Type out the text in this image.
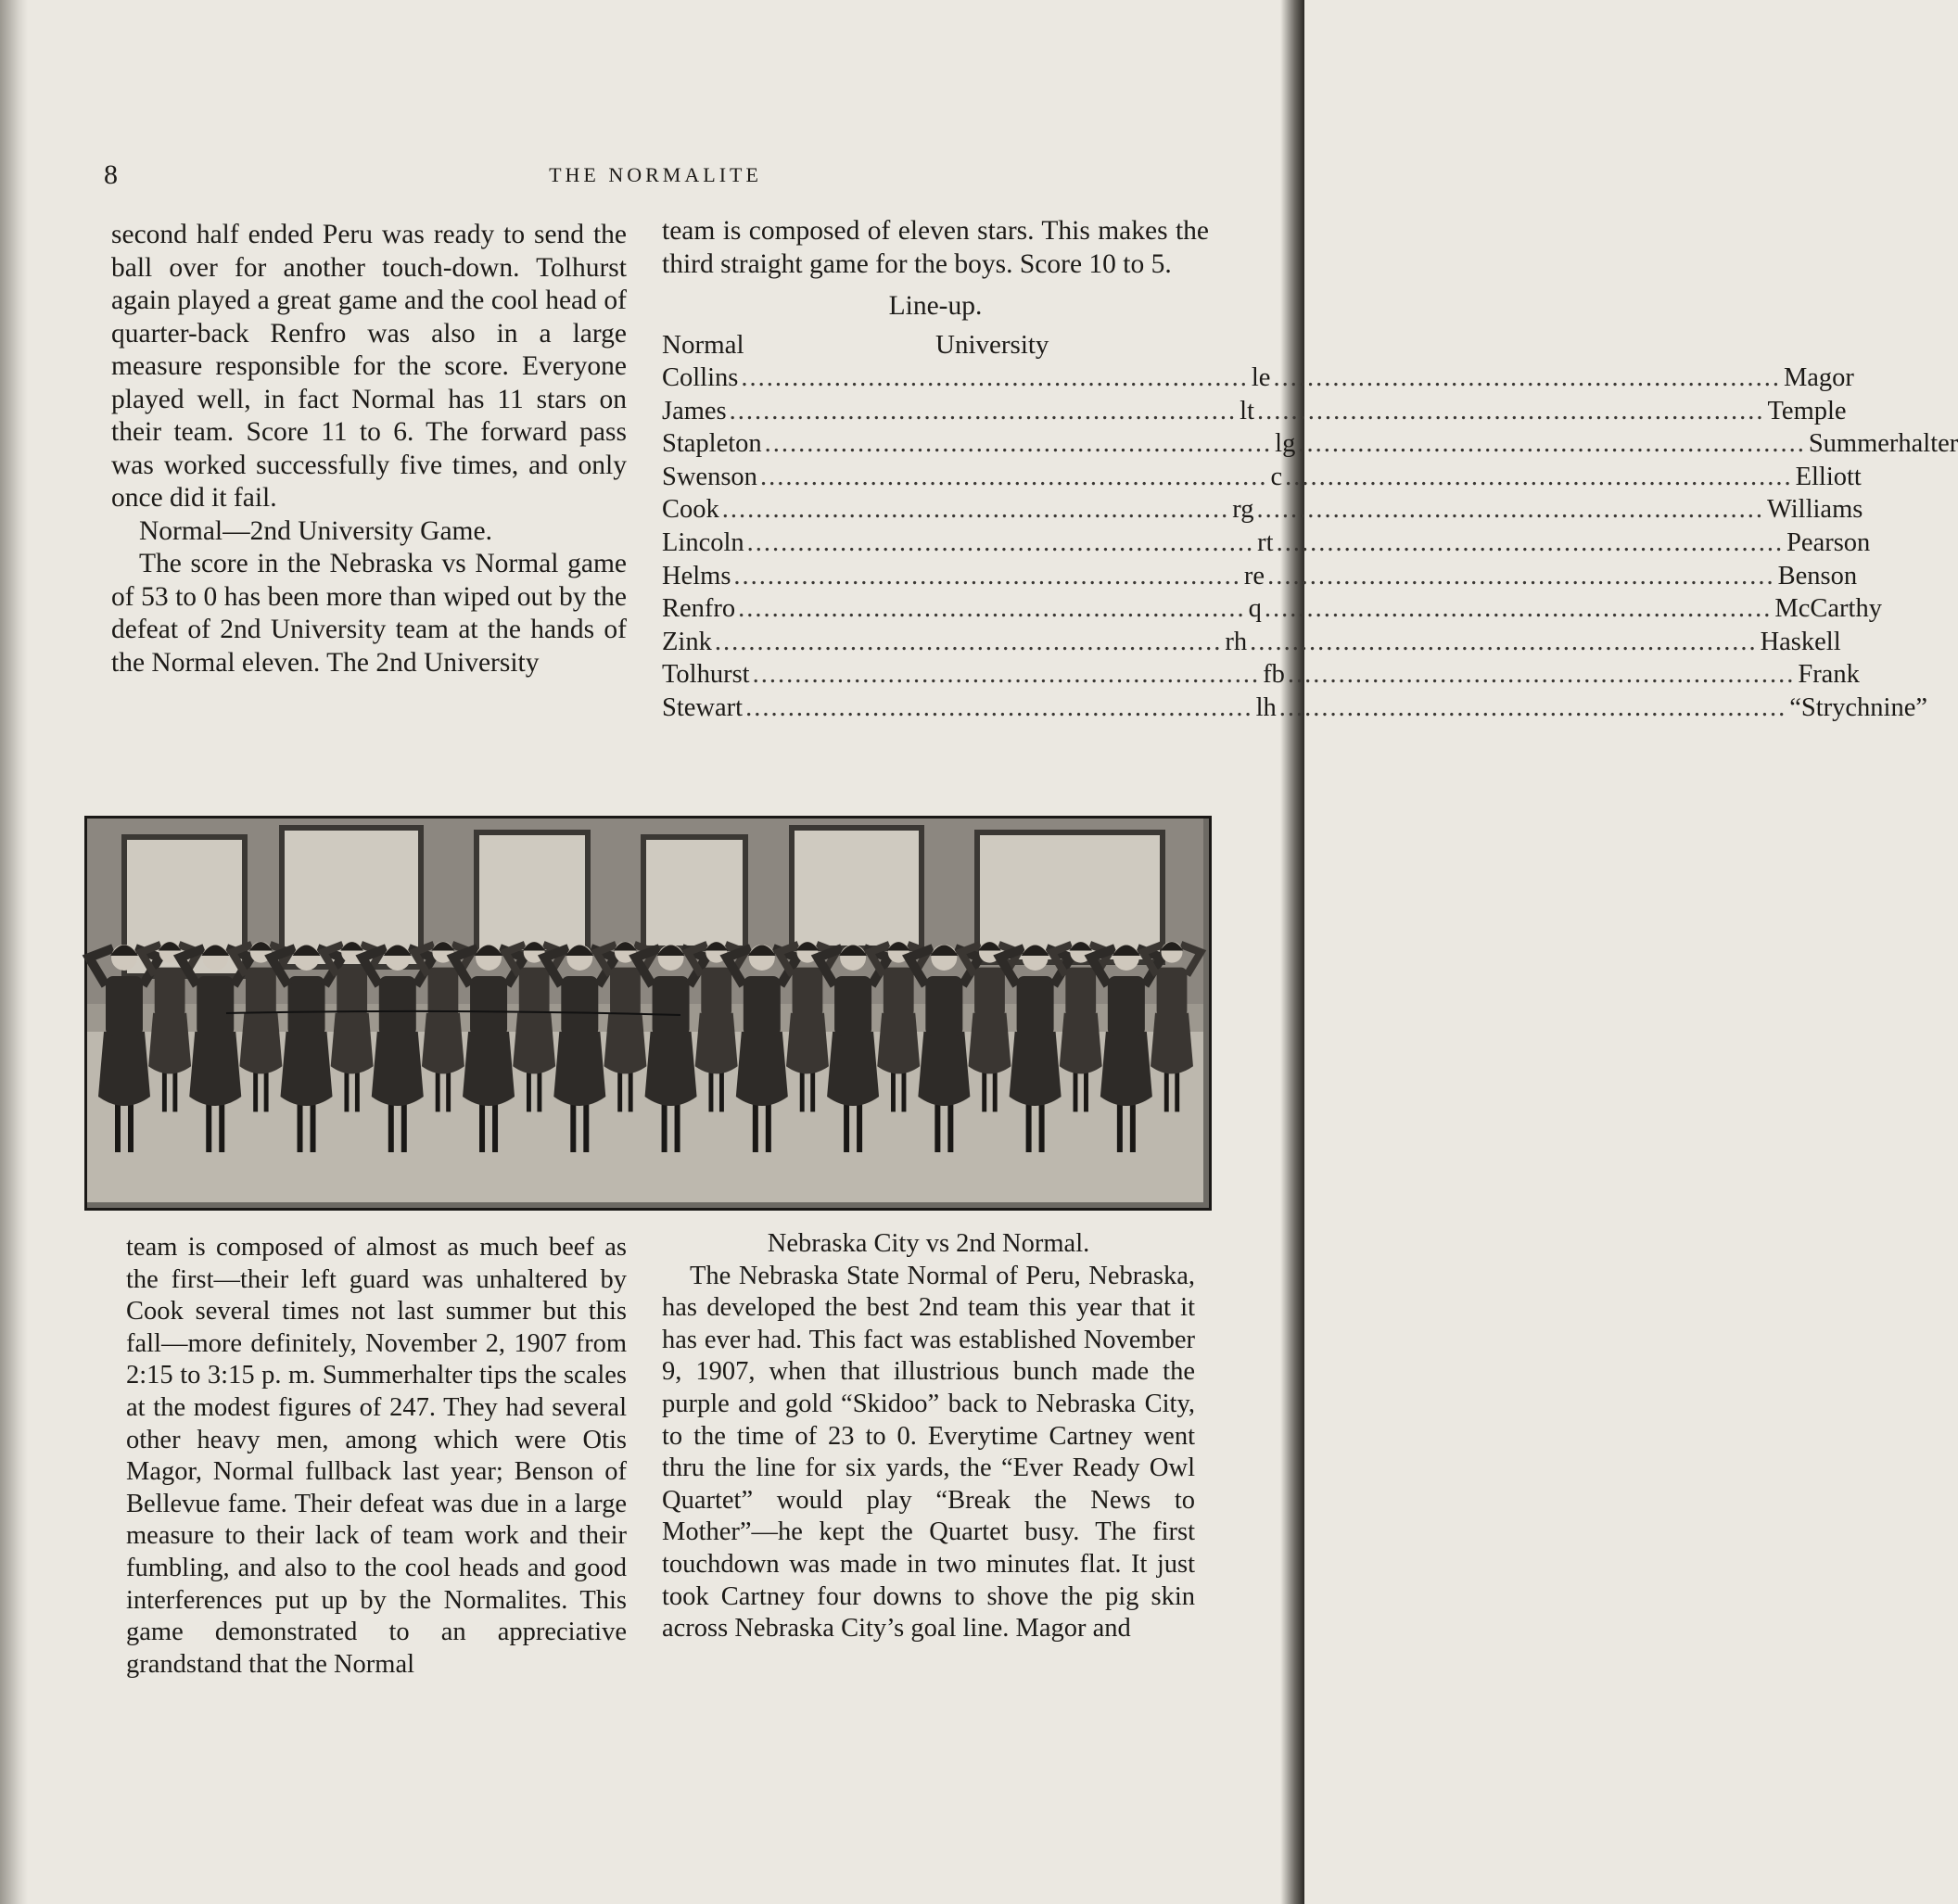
8	THE NORMALITE

second half ended Peru was ready to send the ball over for another touch-down. Tolhurst again played a great game and the cool head of quarter-back Renfro was also in a large measure responsible for the score. Everyone played well, in fact Normal has 11 stars on their team. Score 11 to 6. The forward pass was worked successfully five times, and only once did it fail.

Normal—2nd University Game.

The score in the Nebraska vs Normal game of 53 to 0 has been more than wiped out by the defeat of 2nd University team at the hands of the Normal eleven. The 2nd University

team is composed of eleven stars. This makes the third straight game for the boys. Score 10 to 5.

Line-up.

Normal	University
Collins ............................................................ le ............................................................ Magor
James ............................................................ lt ............................................................ Temple
Stapleton ............................................................ lg ............................................................ Summerhalter
Swenson ............................................................ c ............................................................ Elliott
Cook ............................................................ rg ............................................................ Williams
Lincoln ............................................................ rt ............................................................ Pearson
Helms ............................................................ re ............................................................ Benson
Renfro ............................................................ q ............................................................ McCarthy
Zink ............................................................ rh ............................................................ Haskell
Tolhurst ............................................................ fb ............................................................ Frank
Stewart ............................................................ lh ............................................................ “Strychnine”

team is composed of almost as much beef as the first—their left guard was unhaltered by Cook several times not last summer but this fall—more definitely, November 2, 1907 from 2:15 to 3:15 p. m. Summerhalter tips the scales at the modest figures of 247. They had several other heavy men, among which were Otis Magor, Normal fullback last year; Benson of Bellevue fame. Their defeat was due in a large measure to their lack of team work and their fumbling, and also to the cool heads and good interferences put up by the Normalites. This game demonstrated to an appreciative grandstand that the Normal

Nebraska City vs 2nd Normal.

The Nebraska State Normal of Peru, Nebraska, has developed the best 2nd team this year that it has ever had. This fact was established November 9, 1907, when that illustrious bunch made the purple and gold “Skidoo” back to Nebraska City, to the time of 23 to 0. Everytime Cartney went thru the line for six yards, the “Ever Ready Owl Quartet” would play “Break the News to Mother”—he kept the Quartet busy. The first touchdown was made in two minutes flat. It just took Cartney four downs to shove the pig skin across Nebraska City’s goal line. Magor and
